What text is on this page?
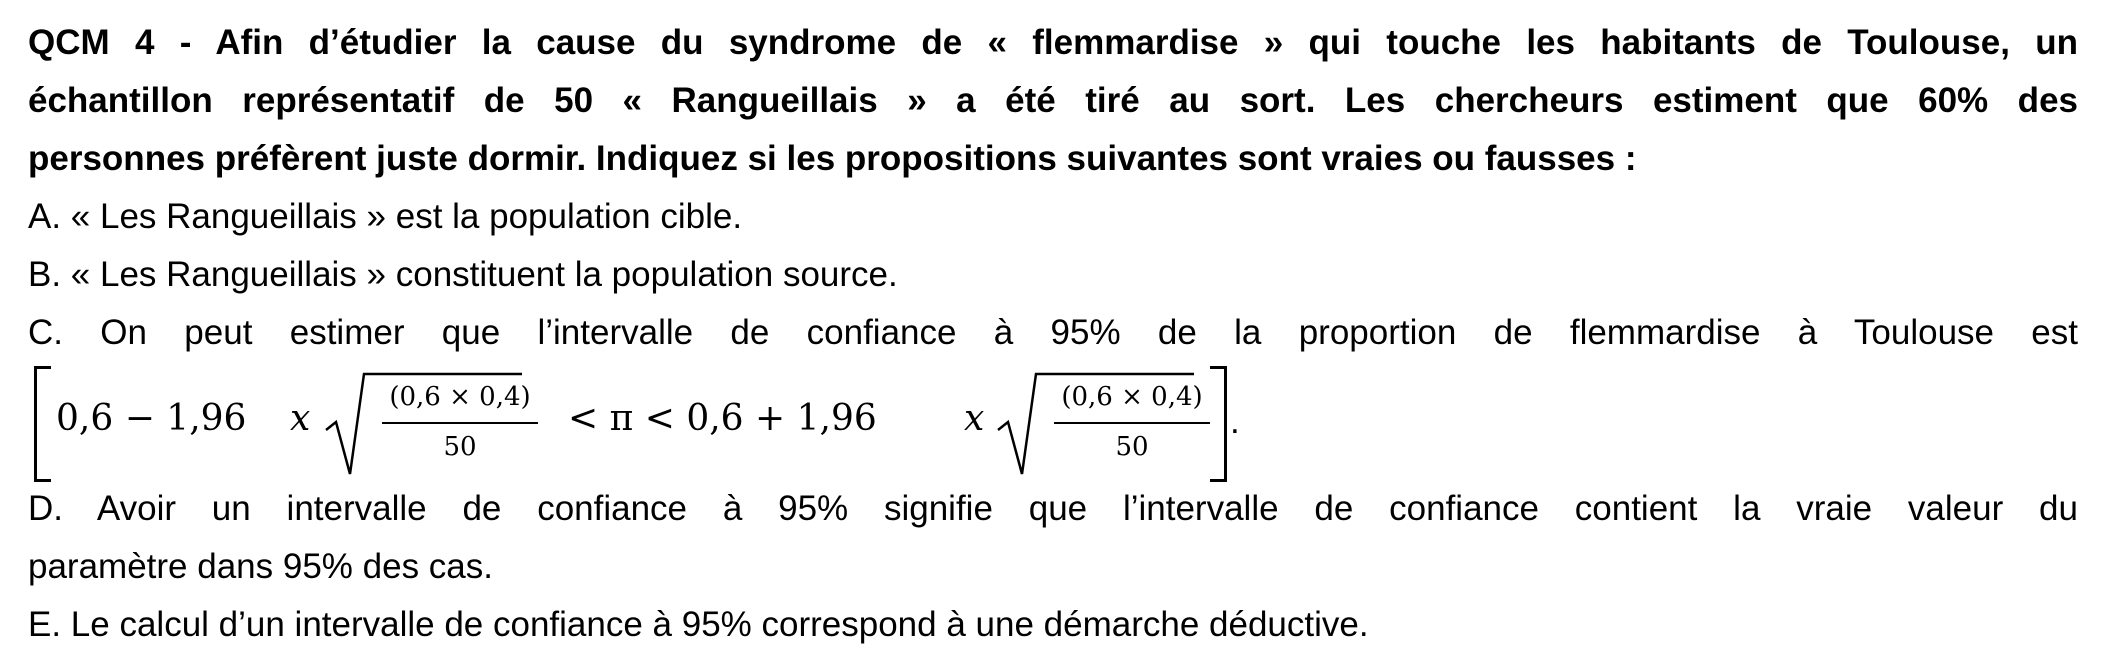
QCM 4 - Afin d’étudier la cause du syndrome de « flemmardise » qui touche les habitants de Toulouse, un
échantillon représentatif de 50 « Rangueillais » a été tiré au sort. Les chercheurs estiment que 60% des
personnes préfèrent juste dormir. Indiquez si les propositions suivantes sont vraies ou fausses :
A. « Les Rangueillais » est la population cible.
B. « Les Rangueillais » constituent la population source.
C. On peut estimer que l’intervalle de confiance à 95% de la proportion de flemmardise à Toulouse est
0,6 − 1,96 x
(0,6 × 0,4)
50
< π < 0,6 + 1,96 x
(0,6 × 0,4)
50
.
D. Avoir un intervalle de confiance à 95% signifie que l’intervalle de confiance contient la vraie valeur du
paramètre dans 95% des cas.
E. Le calcul d’un intervalle de confiance à 95% correspond à une démarche déductive.
